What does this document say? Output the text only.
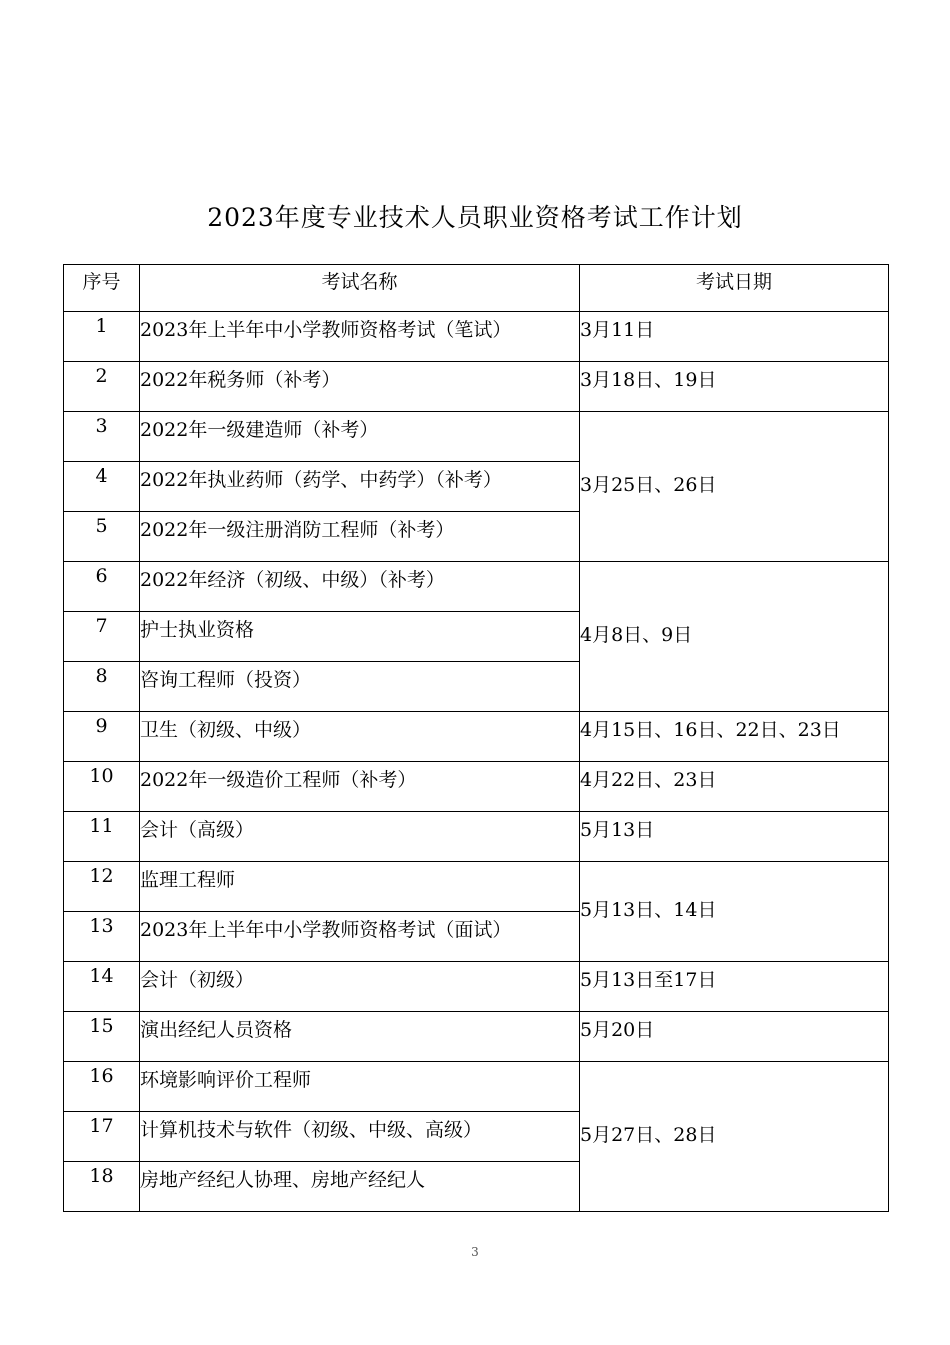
2023年度专业技术人员职业资格考试工作计划
序号	考试名称	考试日期
1	2023年上半年中小学教师资格考试（笔试）	3月11日
2	2022年税务师（补考）	3月18日、19日
3	2022年一级建造师（补考）	3月25日、26日
4	2022年执业药师（药学、中药学）（补考）	
5	2022年一级注册消防工程师（补考）	
6	2022年经济（初级、中级）（补考）	4月8日、9日
7	护士执业资格	
8	咨询工程师（投资）	
9	卫生（初级、中级）	4月15日、16日、22日、23日
10	2022年一级造价工程师（补考）	4月22日、23日
11	会计（高级）	5月13日
12	监理工程师	5月13日、14日
13	2023年上半年中小学教师资格考试（面试）	
14	会计（初级）	5月13日至17日
15	演出经纪人员资格	5月20日
16	环境影响评价工程师	5月27日、28日
17	计算机技术与软件（初级、中级、高级）	
18	房地产经纪人协理、房地产经纪人	
3
